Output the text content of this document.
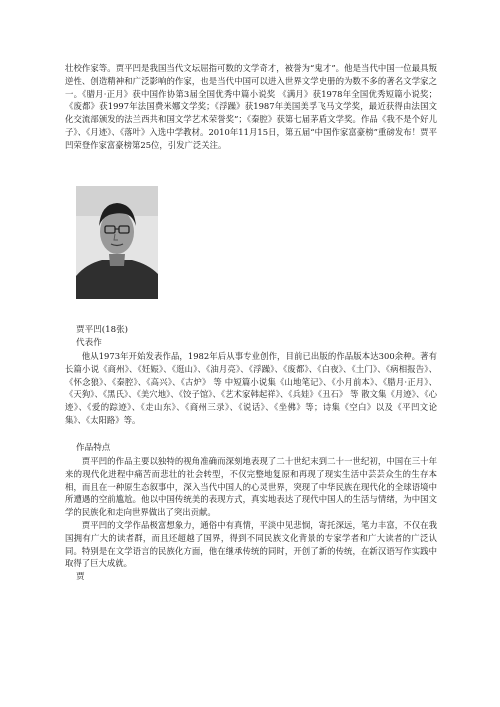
壮校作家等。贾平凹是我国当代文坛屈指可数的文学奇才，被誉为“鬼才”。他是当代中国一位最具叛逆性、创造精神和广泛影响的作家，也是当代中国可以进入世界文学史册的为数不多的著名文学家之一。《腊月·正月》获中国作协第3届全国优秀中篇小说奖 《满月》获1978年全国优秀短篇小说奖；《废都》获1997年法国费米娜文学奖；《浮躁》获1987年美国美孚飞马文学奖，最近获得由法国文化交流部颁发的法兰西共和国文学艺术荣誉奖”；《秦腔》获第七届茅盾文学奖。作品《我不是个好儿子》、《月迹》、《落叶》入选中学教材。2010年11月15日，第五届“中国作家富豪榜”重磅发布！贾平凹荣登作家富豪榜第25位，引发广泛关注。

贾平凹(18张)

代表作

他从1973年开始发表作品，1982年后从事专业创作，目前已出版的作品版本达300余种。著有长篇小说《商州》、《妊娠》、《逛山》、《油月亮》、《浮躁》、《废都》、《白夜》、《土门》、《病相报告》、《怀念狼》、《秦腔》、《高兴》、《古炉》 等 中短篇小说集《山地笔记》、《小月前本》、《腊月·正月》、《天狗》、《黑氏》、《美穴地》、《饺子馆》、《艺术家韩起祥》、《兵娃》《丑石》 等 散文集《月迹》、《心迹》、《爱的踪迹》、《走山东》、《商州三录》、《说话》、《坐佛》等；诗集《空白》以及《平凹文论集》、《太阳路》等。

作品特点

贾平凹的作品主要以独特的视角准确而深刻地表现了二十世纪末到二十一世纪初，中国在三十年来的现代化进程中痛苦而悲壮的社会转型，不仅完整地复原和再现了现实生活中芸芸众生的生存本相，而且在一种原生态叙事中，深入当代中国人的心灵世界，突现了中华民族在现代化的全球语境中所遭遇的空前尴尬。他以中国传统美的表现方式，真实地表达了现代中国人的生活与情绪，为中国文学的民族化和走向世界做出了突出贡献。

贾平凹的文学作品极富想象力，通俗中有真情，平淡中见悲悯，寄托深远，笔力丰富，不仅在我国拥有广大的读者群，而且还超越了国界，得到不同民族文化背景的专家学者和广大读者的广泛认同。特别是在文学语言的民族化方面，他在继承传统的同时，开创了新的传统，在新汉语写作实践中取得了巨大成就。

贾
